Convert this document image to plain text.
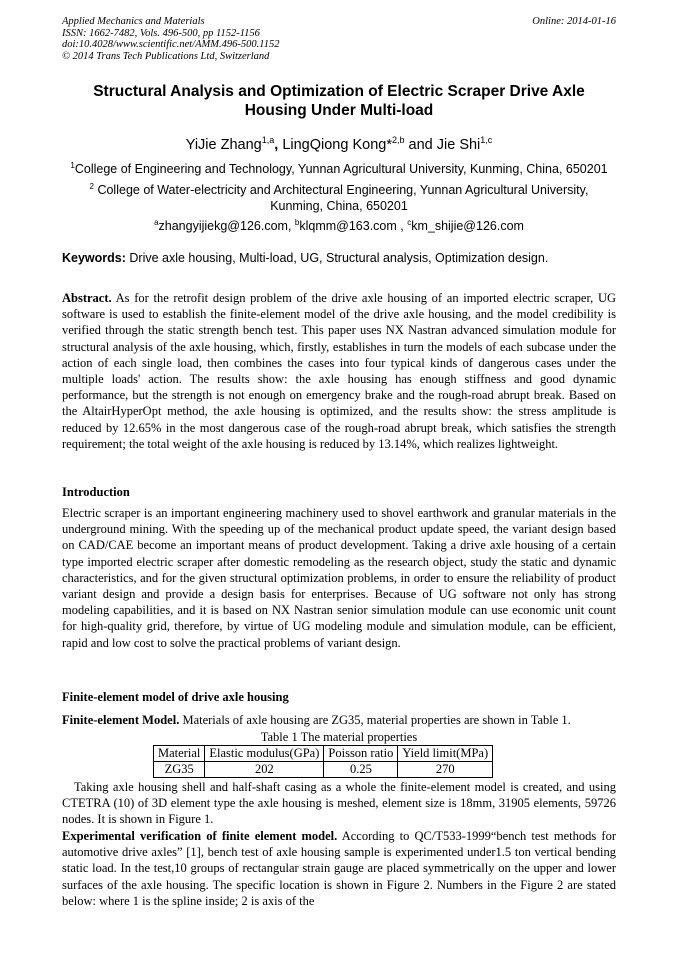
Applied Mechanics and Materials
ISSN: 1662-7482, Vols. 496-500, pp 1152-1156
doi:10.4028/www.scientific.net/AMM.496-500.1152
© 2014 Trans Tech Publications Ltd, Switzerland
Online: 2014-01-16
Structural Analysis and Optimization of Electric Scraper Drive Axle
Housing Under Multi-load
YiJie Zhang$^{1,a}$, LingQiong Kong*$^{2,b}$ and Jie Shi$^{1,c}$
$^1$College of Engineering and Technology, Yunnan Agricultural University, Kunming, China, 650201
$^2$ College of Water-electricity and Architectural Engineering, Yunnan Agricultural University,
Kunming, China, 650201
$^a$zhangyijiekg@126.com, $^b$klqmm@163.com , $^c$km_shijie@126.com
Keywords: Drive axle housing, Multi-load, UG, Structural analysis, Optimization design.
Abstract. As for the retrofit design problem of the drive axle housing of an imported electric scraper, UG software is used to establish the finite-element model of the drive axle housing, and the model credibility is verified through the static strength bench test. This paper uses NX Nastran advanced simulation module for structural analysis of the axle housing, which, firstly, establishes in turn the models of each subcase under the action of each single load, then combines the cases into four typical kinds of dangerous cases under the multiple loads' action. The results show: the axle housing has enough stiffness and good dynamic performance, but the strength is not enough on emergency brake and the rough-road abrupt break. Based on the AltairHyperOpt method, the axle housing is optimized, and the results show: the stress amplitude is reduced by 12.65% in the most dangerous case of the rough-road abrupt break, which satisfies the strength requirement; the total weight of the axle housing is reduced by 13.14%, which realizes lightweight.
Introduction
Electric scraper is an important engineering machinery used to shovel earthwork and granular materials in the underground mining. With the speeding up of the mechanical product update speed, the variant design based on CAD/CAE become an important means of product development. Taking a drive axle housing of a certain type imported electric scraper after domestic remodeling as the research object, study the static and dynamic characteristics, and for the given structural optimization problems, in order to ensure the reliability of product variant design and provide a design basis for enterprises. Because of UG software not only has strong modeling capabilities, and it is based on NX Nastran senior simulation module can use economic unit count for high-quality grid, therefore, by virtue of UG modeling module and simulation module, can be efficient, rapid and low cost to solve the practical problems of variant design.
Finite-element model of drive axle housing
Finite-element Model. Materials of axle housing are ZG35, material properties are shown in Table 1.
Table 1 The material properties
Material	Elastic modulus(GPa)	Poisson ratio	Yield limit(MPa)
ZG35	202	0.25	270
Taking axle housing shell and half-shaft casing as a whole the finite-element model is created, and using CTETRA (10) of 3D element type the axle housing is meshed, element size is 18mm, 31905 elements, 59726 nodes. It is shown in Figure 1.
Experimental verification of finite element model. According to QC/T533-1999“bench test methods for automotive drive axles” [1], bench test of axle housing sample is experimented under1.5 ton vertical bending static load. In the test,10 groups of rectangular strain gauge are placed symmetrically on the upper and lower surfaces of the axle housing. The specific location is shown in Figure 2. Numbers in the Figure 2 are stated below: where 1 is the spline inside; 2 is axis of the
